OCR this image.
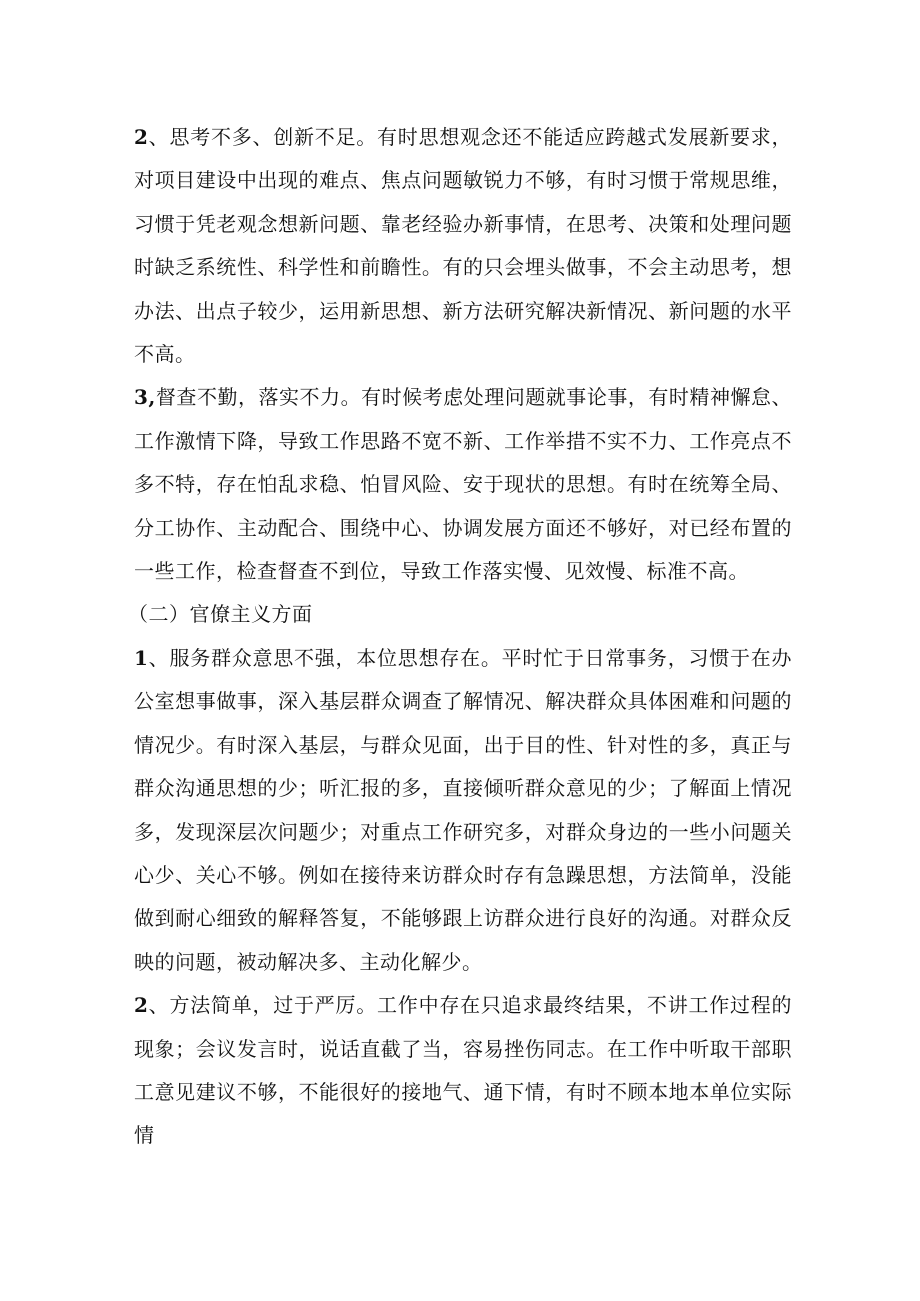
2、思考不多、创新不足。有时思想观念还不能适应跨越式发展新要求，对项目建设中出现的难点、焦点问题敏锐力不够，有时习惯于常规思维，习惯于凭老观念想新问题、靠老经验办新事情，在思考、决策和处理问题时缺乏系统性、科学性和前瞻性。有的只会埋头做事，不会主动思考，想办法、出点子较少，运用新思想、新方法研究解决新情况、新问题的水平不高。

3,督查不勤，落实不力。有时候考虑处理问题就事论事，有时精神懈怠、工作激情下降，导致工作思路不宽不新、工作举措不实不力、工作亮点不多不特，存在怕乱求稳、怕冒风险、安于现状的思想。有时在统筹全局、分工协作、主动配合、围绕中心、协调发展方面还不够好，对已经布置的一些工作，检查督查不到位，导致工作落实慢、见效慢、标准不高。

（二）官僚主义方面

1、服务群众意思不强，本位思想存在。平时忙于日常事务，习惯于在办公室想事做事，深入基层群众调查了解情况、解决群众具体困难和问题的情况少。有时深入基层，与群众见面，出于目的性、针对性的多，真正与群众沟通思想的少；听汇报的多，直接倾听群众意见的少；了解面上情况多，发现深层次问题少；对重点工作研究多，对群众身边的一些小问题关心少、关心不够。例如在接待来访群众时存有急躁思想，方法简单，没能做到耐心细致的解释答复，不能够跟上访群众进行良好的沟通。对群众反映的问题，被动解决多、主动化解少。

2、方法简单，过于严厉。工作中存在只追求最终结果，不讲工作过程的现象；会议发言时，说话直截了当，容易挫伤同志。在工作中听取干部职工意见建议不够，不能很好的接地气、通下情，有时不顾本地本单位实际情
